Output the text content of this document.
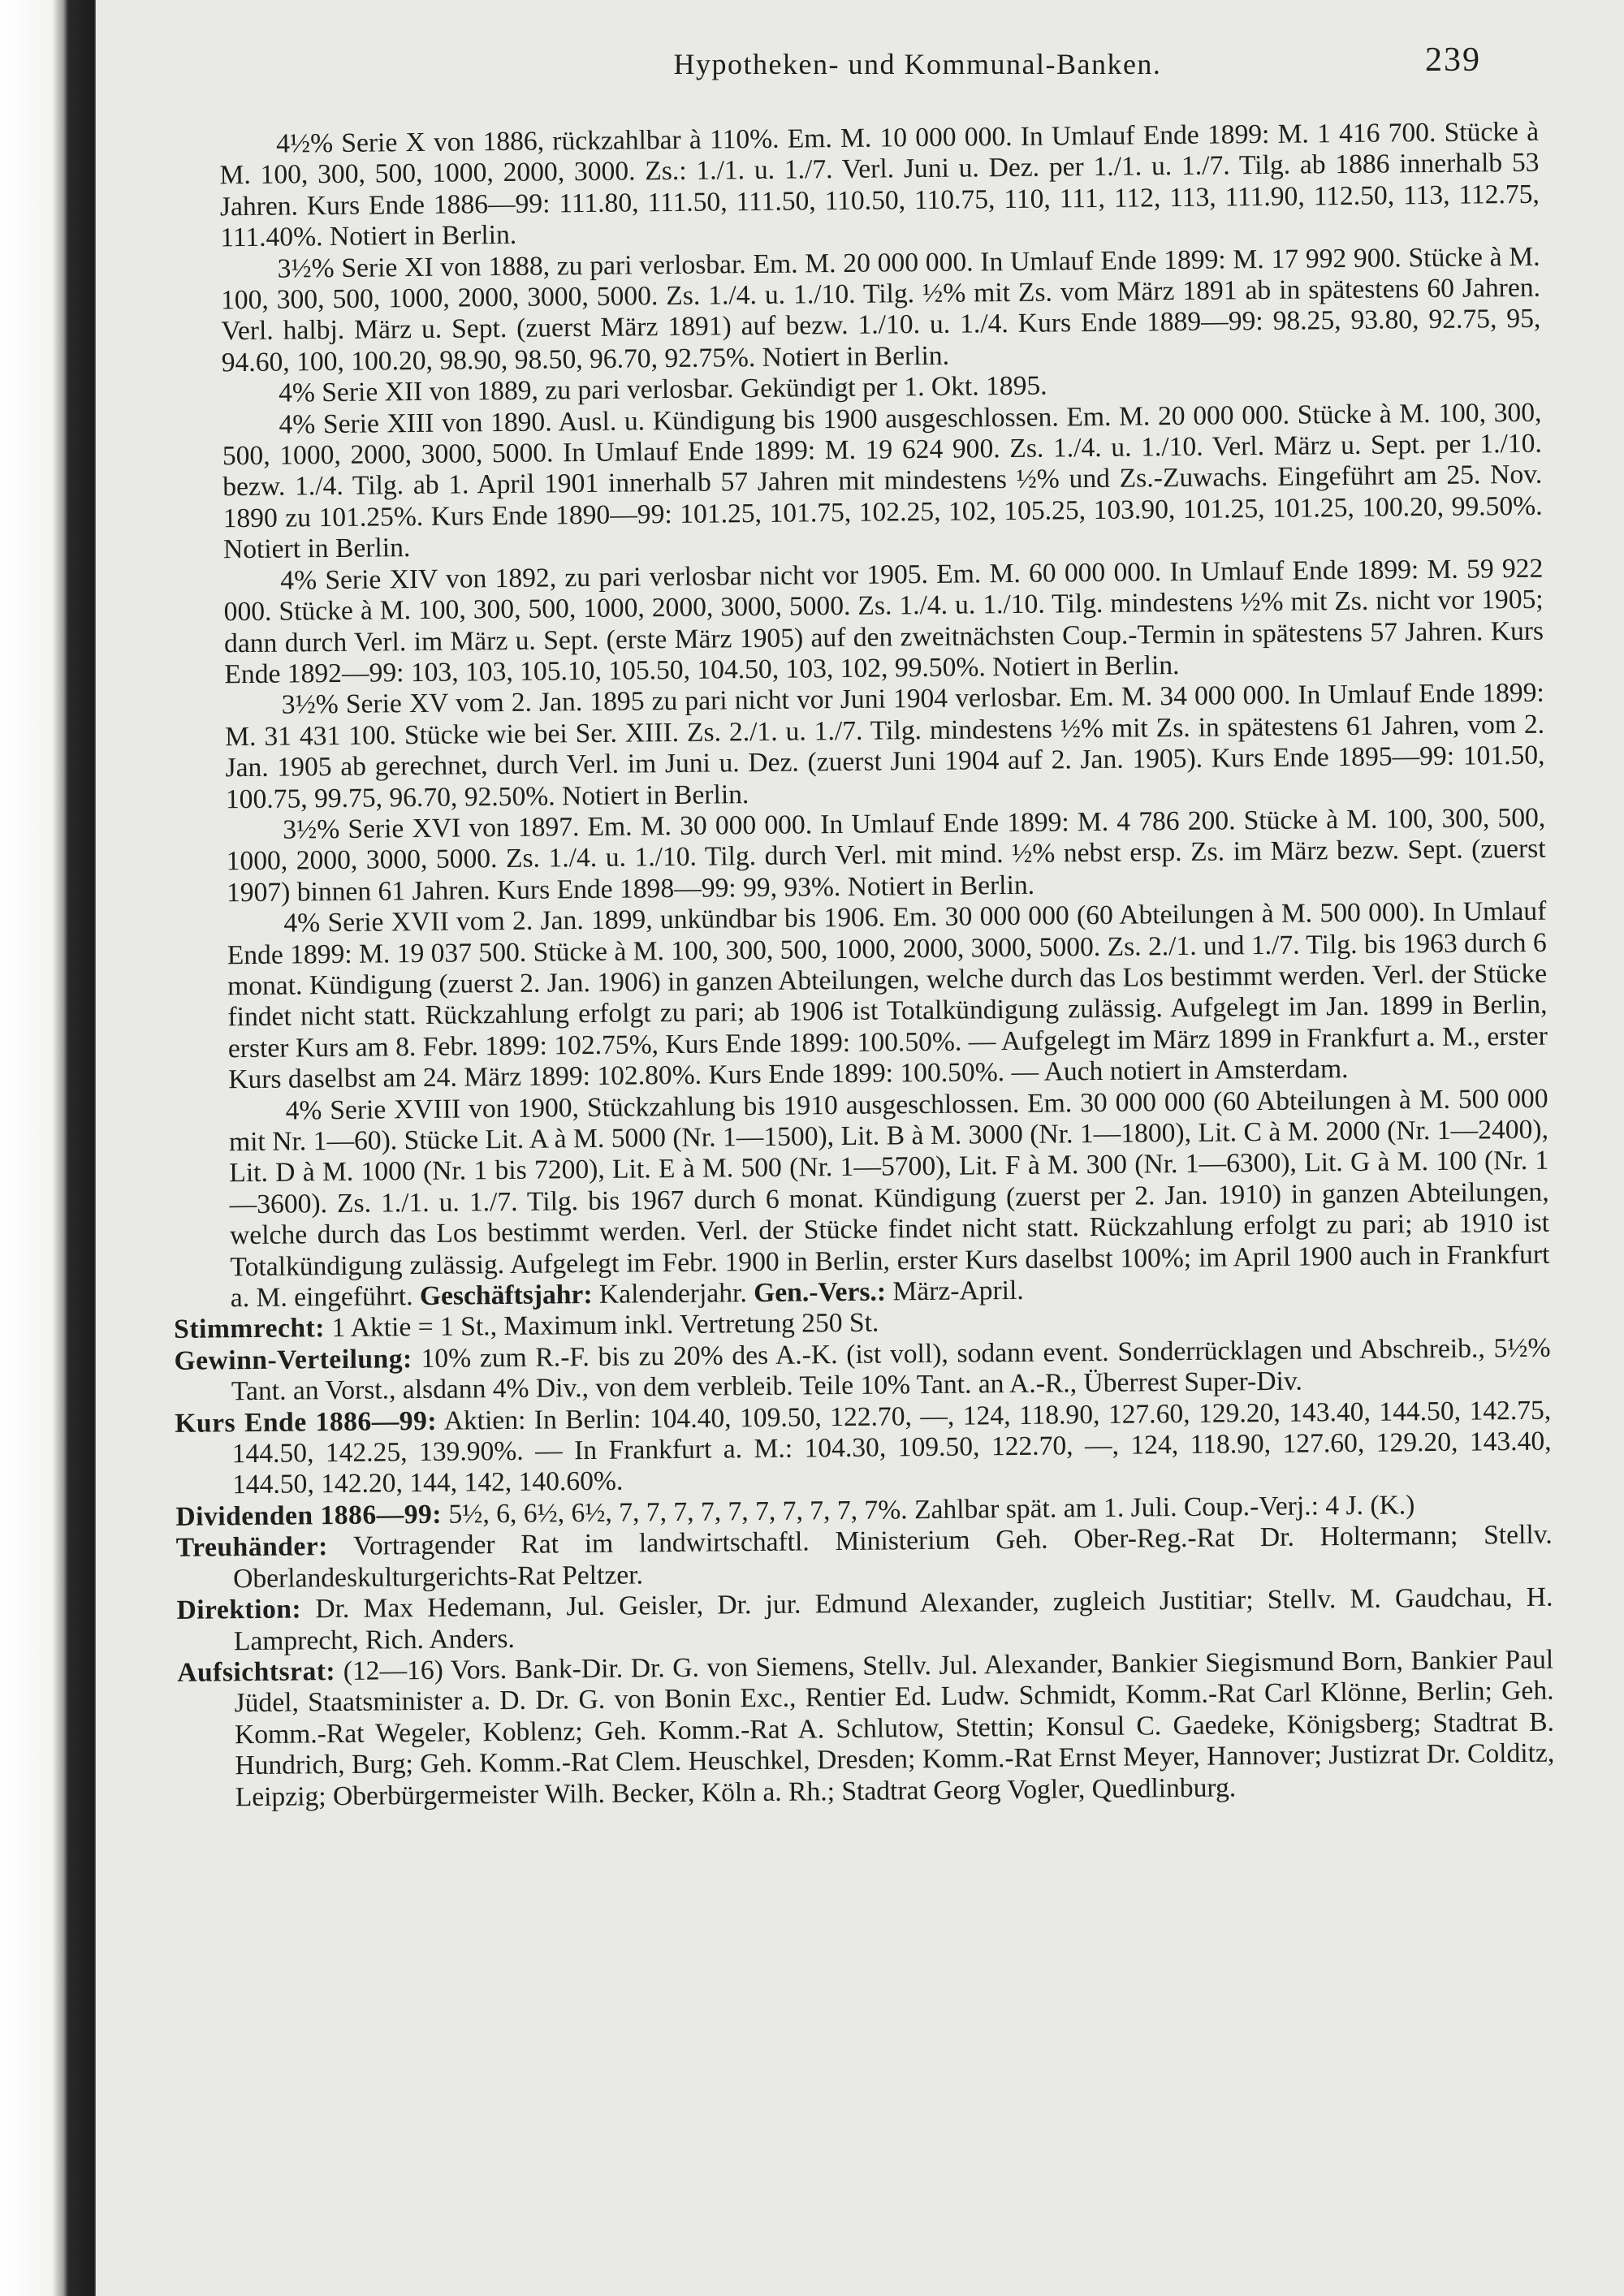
Hypotheken- und Kommunal-Banken.	239

4½% Serie X von 1886, rückzahlbar à 110%. Em. M. 10 000 000. In Umlauf Ende 1899: M. 1 416 700. Stücke à M. 100, 300, 500, 1000, 2000, 3000. Zs.: 1./1. u. 1./7. Verl. Juni u. Dez. per 1./1. u. 1./7. Tilg. ab 1886 innerhalb 53 Jahren. Kurs Ende 1886—99: 111.80, 111.50, 111.50, 110.50, 110.75, 110, 111, 112, 113, 111.90, 112.50, 113, 112.75, 111.40%. Notiert in Berlin.

3½% Serie XI von 1888, zu pari verlosbar. Em. M. 20 000 000. In Umlauf Ende 1899: M. 17 992 900. Stücke à M. 100, 300, 500, 1000, 2000, 3000, 5000. Zs. 1./4. u. 1./10. Tilg. ½% mit Zs. vom März 1891 ab in spätestens 60 Jahren. Verl. halbj. März u. Sept. (zuerst März 1891) auf bezw. 1./10. u. 1./4. Kurs Ende 1889—99: 98.25, 93.80, 92.75, 95, 94.60, 100, 100.20, 98.90, 98.50, 96.70, 92.75%. Notiert in Berlin.

4% Serie XII von 1889, zu pari verlosbar. Gekündigt per 1. Okt. 1895.

4% Serie XIII von 1890. Ausl. u. Kündigung bis 1900 ausgeschlossen. Em. M. 20 000 000. Stücke à M. 100, 300, 500, 1000, 2000, 3000, 5000. In Umlauf Ende 1899: M. 19 624 900. Zs. 1./4. u. 1./10. Verl. März u. Sept. per 1./10. bezw. 1./4. Tilg. ab 1. April 1901 innerhalb 57 Jahren mit mindestens ½% und Zs.-Zuwachs. Eingeführt am 25. Nov. 1890 zu 101.25%. Kurs Ende 1890—99: 101.25, 101.75, 102.25, 102, 105.25, 103.90, 101.25, 101.25, 100.20, 99.50%. Notiert in Berlin.

4% Serie XIV von 1892, zu pari verlosbar nicht vor 1905. Em. M. 60 000 000. In Umlauf Ende 1899: M. 59 922 000. Stücke à M. 100, 300, 500, 1000, 2000, 3000, 5000. Zs. 1./4. u. 1./10. Tilg. mindestens ½% mit Zs. nicht vor 1905; dann durch Verl. im März u. Sept. (erste März 1905) auf den zweitnächsten Coup.-Termin in spätestens 57 Jahren. Kurs Ende 1892—99: 103, 103, 105.10, 105.50, 104.50, 103, 102, 99.50%. Notiert in Berlin.

3½% Serie XV vom 2. Jan. 1895 zu pari nicht vor Juni 1904 verlosbar. Em. M. 34 000 000. In Umlauf Ende 1899: M. 31 431 100. Stücke wie bei Ser. XIII. Zs. 2./1. u. 1./7. Tilg. mindestens ½% mit Zs. in spätestens 61 Jahren, vom 2. Jan. 1905 ab gerechnet, durch Verl. im Juni u. Dez. (zuerst Juni 1904 auf 2. Jan. 1905). Kurs Ende 1895—99: 101.50, 100.75, 99.75, 96.70, 92.50%. Notiert in Berlin.

3½% Serie XVI von 1897. Em. M. 30 000 000. In Umlauf Ende 1899: M. 4 786 200. Stücke à M. 100, 300, 500, 1000, 2000, 3000, 5000. Zs. 1./4. u. 1./10. Tilg. durch Verl. mit mind. ½% nebst ersp. Zs. im März bezw. Sept. (zuerst 1907) binnen 61 Jahren. Kurs Ende 1898—99: 99, 93%. Notiert in Berlin.

4% Serie XVII vom 2. Jan. 1899, unkündbar bis 1906. Em. 30 000 000 (60 Abteilungen à M. 500 000). In Umlauf Ende 1899: M. 19 037 500. Stücke à M. 100, 300, 500, 1000, 2000, 3000, 5000. Zs. 2./1. und 1./7. Tilg. bis 1963 durch 6 monat. Kündigung (zuerst 2. Jan. 1906) in ganzen Abteilungen, welche durch das Los bestimmt werden. Verl. der Stücke findet nicht statt. Rückzahlung erfolgt zu pari; ab 1906 ist Totalkündigung zulässig. Aufgelegt im Jan. 1899 in Berlin, erster Kurs am 8. Febr. 1899: 102.75%, Kurs Ende 1899: 100.50%. — Aufgelegt im März 1899 in Frankfurt a. M., erster Kurs daselbst am 24. März 1899: 102.80%. Kurs Ende 1899: 100.50%. — Auch notiert in Amsterdam.

4% Serie XVIII von 1900, Stückzahlung bis 1910 ausgeschlossen. Em. 30 000 000 (60 Abteilungen à M. 500 000 mit Nr. 1—60). Stücke Lit. A à M. 5000 (Nr. 1—1500), Lit. B à M. 3000 (Nr. 1—1800), Lit. C à M. 2000 (Nr. 1—2400), Lit. D à M. 1000 (Nr. 1 bis 7200), Lit. E à M. 500 (Nr. 1—5700), Lit. F à M. 300 (Nr. 1—6300), Lit. G à M. 100 (Nr. 1—3600). Zs. 1./1. u. 1./7. Tilg. bis 1967 durch 6 monat. Kündigung (zuerst per 2. Jan. 1910) in ganzen Abteilungen, welche durch das Los bestimmt werden. Verl. der Stücke findet nicht statt. Rückzahlung erfolgt zu pari; ab 1910 ist Totalkündigung zulässig. Aufgelegt im Febr. 1900 in Berlin, erster Kurs daselbst 100%; im April 1900 auch in Frankfurt a. M. eingeführt. Geschäftsjahr: Kalenderjahr. Gen.-Vers.: März-April.

Stimmrecht: 1 Aktie = 1 St., Maximum inkl. Vertretung 250 St.

Gewinn-Verteilung: 10% zum R.-F. bis zu 20% des A.-K. (ist voll), sodann event. Sonderrücklagen und Abschreib., 5½% Tant. an Vorst., alsdann 4% Div., von dem verbleib. Teile 10% Tant. an A.-R., Überrest Super-Div.

Kurs Ende 1886—99: Aktien: In Berlin: 104.40, 109.50, 122.70, —, 124, 118.90, 127.60, 129.20, 143.40, 144.50, 142.75, 144.50, 142.25, 139.90%. — In Frankfurt a. M.: 104.30, 109.50, 122.70, —, 124, 118.90, 127.60, 129.20, 143.40, 144.50, 142.20, 144, 142, 140.60%.

Dividenden 1886—99: 5½, 6, 6½, 6½, 7, 7, 7, 7, 7, 7, 7, 7, 7, 7%. Zahlbar spät. am 1. Juli. Coup.-Verj.: 4 J. (K.)

Treuhänder: Vortragender Rat im landwirtschaftl. Ministerium Geh. Ober-Reg.-Rat Dr. Holtermann; Stellv. Oberlandeskulturgerichts-Rat Peltzer.

Direktion: Dr. Max Hedemann, Jul. Geisler, Dr. jur. Edmund Alexander, zugleich Justitiar; Stellv. M. Gaudchau, H. Lamprecht, Rich. Anders.

Aufsichtsrat: (12—16) Vors. Bank-Dir. Dr. G. von Siemens, Stellv. Jul. Alexander, Bankier Siegismund Born, Bankier Paul Jüdel, Staatsminister a. D. Dr. G. von Bonin Exc., Rentier Ed. Ludw. Schmidt, Komm.-Rat Carl Klönne, Berlin; Geh. Komm.-Rat Wegeler, Koblenz; Geh. Komm.-Rat A. Schlutow, Stettin; Konsul C. Gaedeke, Königsberg; Stadtrat B. Hundrich, Burg; Geh. Komm.-Rat Clem. Heuschkel, Dresden; Komm.-Rat Ernst Meyer, Hannover; Justizrat Dr. Colditz, Leipzig; Oberbürgermeister Wilh. Becker, Köln a. Rh.; Stadtrat Georg Vogler, Quedlinburg.
